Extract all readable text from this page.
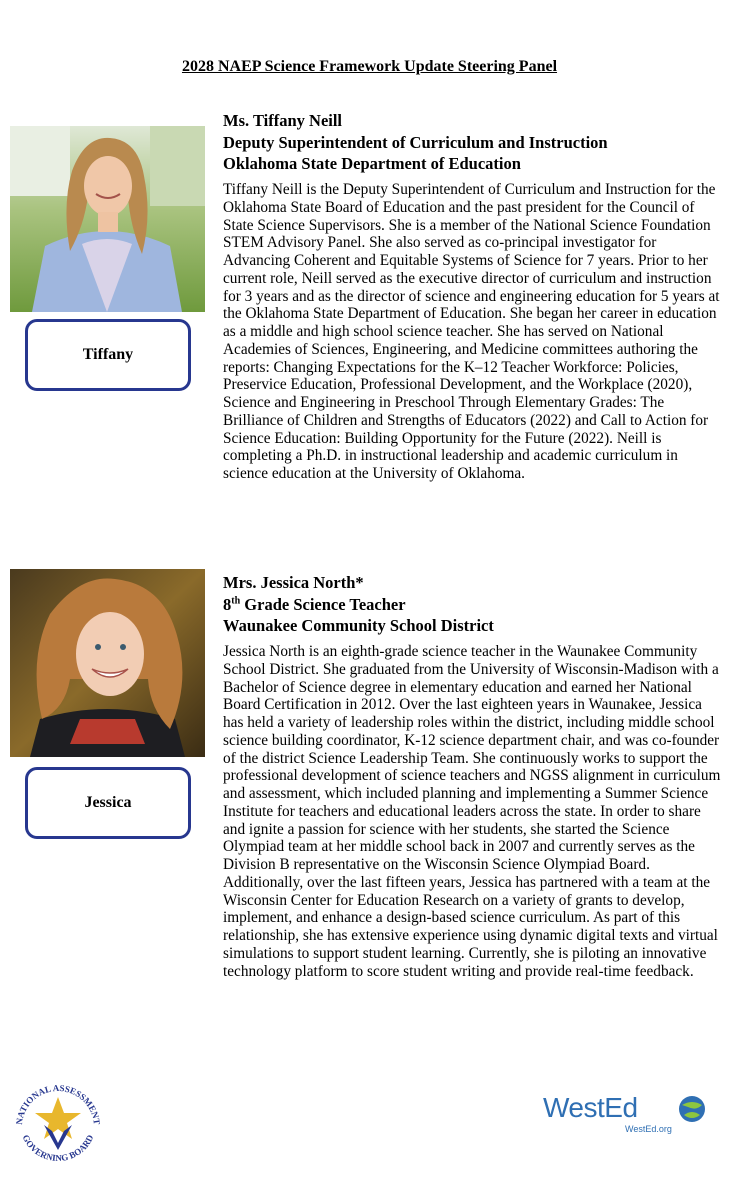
2028 NAEP Science Framework Update Steering Panel
Tiffany
Ms. Tiffany Neill
Deputy Superintendent of Curriculum and Instruction
Oklahoma State Department of Education

Tiffany Neill is the Deputy Superintendent of Curriculum and Instruction for the Oklahoma State Board of Education and the past president for the Council of State Science Supervisors. She is a member of the National Science Foundation STEM Advisory Panel. She also served as co-principal investigator for Advancing Coherent and Equitable Systems of Science for 7 years. Prior to her current role, Neill served as the executive director of curriculum and instruction for 3 years and as the director of science and engineering education for 5 years at the Oklahoma State Department of Education. She began her career in education as a middle and high school science teacher. She has served on National Academies of Sciences, Engineering, and Medicine committees authoring the reports: Changing Expectations for the K–12 Teacher Workforce: Policies, Preservice Education, Professional Development, and the Workplace (2020), Science and Engineering in Preschool Through Elementary Grades: The Brilliance of Children and Strengths of Educators (2022) and Call to Action for Science Education: Building Opportunity for the Future (2022). Neill is completing a Ph.D. in instructional leadership and academic curriculum in science education at the University of Oklahoma.

Jessica
Mrs. Jessica North*
8th Grade Science Teacher
Waunakee Community School District

Jessica North is an eighth-grade science teacher in the Waunakee Community School District. She graduated from the University of Wisconsin-Madison with a Bachelor of Science degree in elementary education and earned her National Board Certification in 2012. Over the last eighteen years in Waunakee, Jessica has held a variety of leadership roles within the district, including middle school science building coordinator, K-12 science department chair, and was co-founder of the district Science Leadership Team. She continuously works to support the professional development of science teachers and NGSS alignment in curriculum and assessment, which included planning and implementing a Summer Science Institute for teachers and educational leaders across the state. In order to share and ignite a passion for science with her students, she started the Science Olympiad team at her middle school back in 2007 and currently serves as the Division B representative on the Wisconsin Science Olympiad Board. Additionally, over the last fifteen years, Jessica has partnered with a team at the Wisconsin Center for Education Research on a variety of grants to develop, implement, and enhance a design-based science curriculum. As part of this relationship, she has extensive experience using dynamic digital texts and virtual simulations to support student learning. Currently, she is piloting an innovative technology platform to score student writing and provide real-time feedback.

NATIONAL ASSESSMENT
GOVERNING BOARD
WestEd
WestEd.org
